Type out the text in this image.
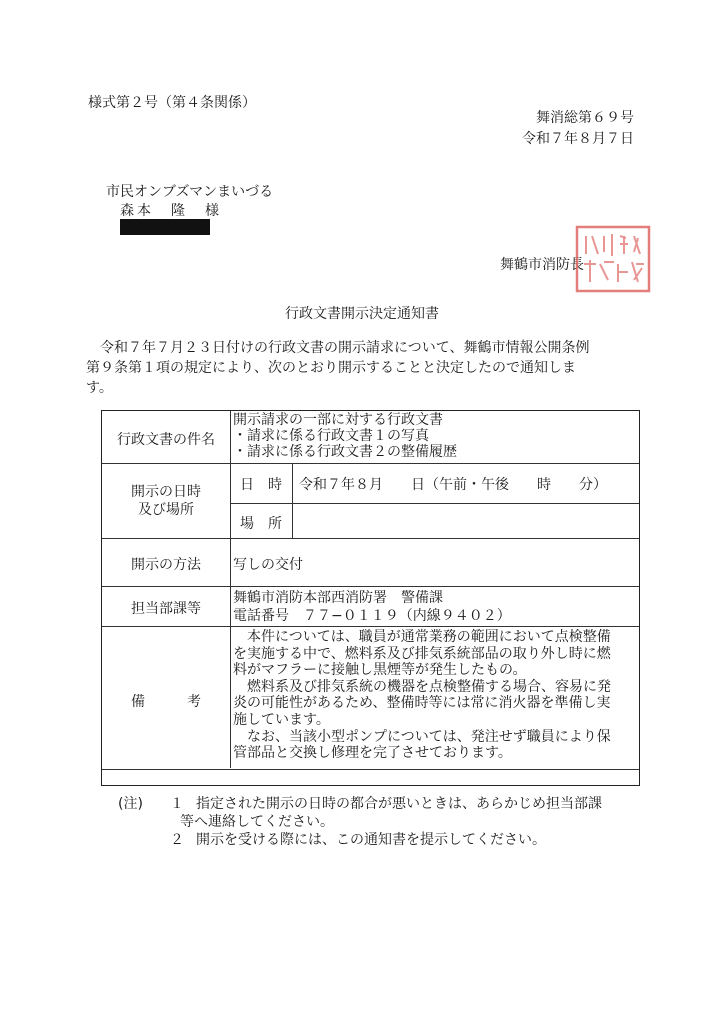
様式第２号（第４条関係）
舞消総第６９号
令和７年８月７日
市民オンブズマンまいづる
森本　隆　様
舞鶴市消防長
行政文書開示決定通知書
令和７年７月２３日付けの行政文書の開示請求について、舞鶴市情報公開条例
第９条第１項の規定により、次のとおり開示することと決定したので通知しま
す。
行政文書の件名
開示請求の一部に対する行政文書
・請求に係る行政文書１の写真
・請求に係る行政文書２の整備履歴
開示の日時
及び場所
日　時	令和７年８月　　日（午前・午後　　時　　分）
場　所
開示の方法	写しの交付
担当部課等
舞鶴市消防本部西消防署　警備課
電話番号　７７−０１１９（内線９４０２）
備　　　考

　本件については、職員が通常業務の範囲において点検整備

を実施する中で、燃料系及び排気系統部品の取り外し時に燃

料がマフラーに接触し黒煙等が発生したもの。

　燃料系及び排気系統の機器を点検整備する場合、容易に発

炎の可能性があるため、整備時等には常に消火器を準備し実

施しています。

　なお、当該小型ポンプについては、発注せず職員により保

管部品と交換し修理を完了させております。

(注) １ 指定された開示の日時の都合が悪いときは、あらかじめ担当部課
等へ連絡してください。
２ 開示を受ける際には、この通知書を提示してください。
